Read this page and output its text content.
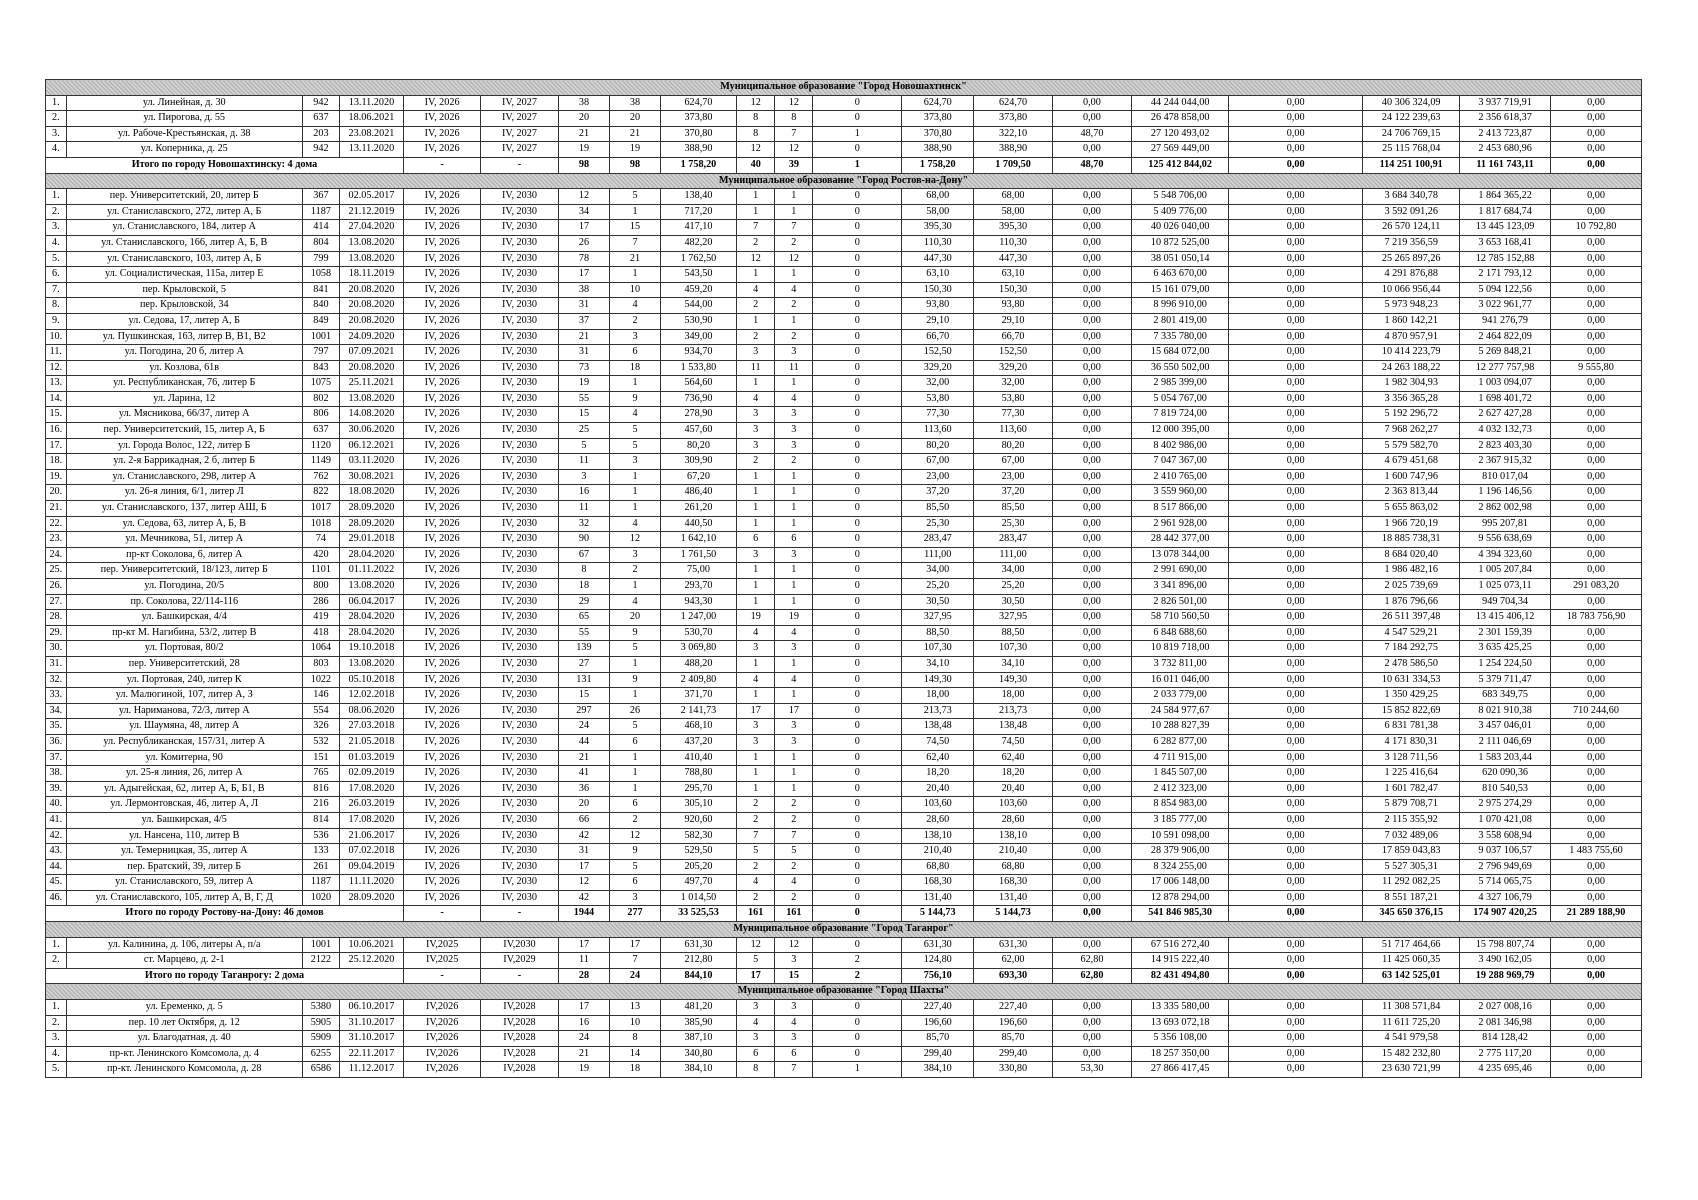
Муниципальное образование "Город Новошахтинск"																			
1.	ул. Линейная, д. 30	942	13.11.2020	IV, 2026	IV, 2027	38	38	624,70	12	12	0	624,70	624,70	0,00	44 244 044,00	0,00	40 306 324,09	3 937 719,91	0,00
2.	ул. Пирогова, д. 55	637	18.06.2021	IV, 2026	IV, 2027	20	20	373,80	8	8	0	373,80	373,80	0,00	26 478 858,00	0,00	24 122 239,63	2 356 618,37	0,00
3.	ул. Рабоче-Крестьянская, д. 38	203	23.08.2021	IV, 2026	IV, 2027	21	21	370,80	8	7	1	370,80	322,10	48,70	27 120 493,02	0,00	24 706 769,15	2 413 723,87	0,00
4.	ул. Коперника, д. 25	942	13.11.2020	IV, 2026	IV, 2027	19	19	388,90	12	12	0	388,90	388,90	0,00	27 569 449,00	0,00	25 115 768,04	2 453 680,96	0,00
Итого по городу Новошахтинску: 4 дома				-	-	98	98	1 758,20	40	39	1	1 758,20	1 709,50	48,70	125 412 844,02	0,00	114 251 100,91	11 161 743,11	0,00
Муниципальное образование "Город Ростов-на-Дону"																			
1.	пер. Университетский, 20, литер Б	367	02.05.2017	IV, 2026	IV, 2030	12	5	138,40	1	1	0	68,00	68,00	0,00	5 548 706,00	0,00	3 684 340,78	1 864 365,22	0,00
2.	ул. Станиславского, 272, литер А, Б	1187	21.12.2019	IV, 2026	IV, 2030	34	1	717,20	1	1	0	58,00	58,00	0,00	5 409 776,00	0,00	3 592 091,26	1 817 684,74	0,00
3.	ул. Станиславского, 184, литер А	414	27.04.2020	IV, 2026	IV, 2030	17	15	417,10	7	7	0	395,30	395,30	0,00	40 026 040,00	0,00	26 570 124,11	13 445 123,09	10 792,80
4.	ул. Станиславского, 166, литер А, Б, В	804	13.08.2020	IV, 2026	IV, 2030	26	7	482,20	2	2	0	110,30	110,30	0,00	10 872 525,00	0,00	7 219 356,59	3 653 168,41	0,00
5.	ул. Станиславского, 103, литер А, Б	799	13.08.2020	IV, 2026	IV, 2030	78	21	1 762,50	12	12	0	447,30	447,30	0,00	38 051 050,14	0,00	25 265 897,26	12 785 152,88	0,00
6.	ул. Социалистическая, 115а, литер Е	1058	18.11.2019	IV, 2026	IV, 2030	17	1	543,50	1	1	0	63,10	63,10	0,00	6 463 670,00	0,00	4 291 876,88	2 171 793,12	0,00
7.	пер. Крыловской, 5	841	20.08.2020	IV, 2026	IV, 2030	38	10	459,20	4	4	0	150,30	150,30	0,00	15 161 079,00	0,00	10 066 956,44	5 094 122,56	0,00
8.	пер. Крыловской, 34	840	20.08.2020	IV, 2026	IV, 2030	31	4	544,00	2	2	0	93,80	93,80	0,00	8 996 910,00	0,00	5 973 948,23	3 022 961,77	0,00
9.	ул. Седова, 17, литер А, Б	849	20.08.2020	IV, 2026	IV, 2030	37	2	530,90	1	1	0	29,10	29,10	0,00	2 801 419,00	0,00	1 860 142,21	941 276,79	0,00
10.	ул. Пушкинская, 163, литер В, В1, В2	1001	24.09.2020	IV, 2026	IV, 2030	21	3	349,00	2	2	0	66,70	66,70	0,00	7 335 780,00	0,00	4 870 957,91	2 464 822,09	0,00
11.	ул. Погодина, 20 б, литер А	797	07.09.2021	IV, 2026	IV, 2030	31	6	934,70	3	3	0	152,50	152,50	0,00	15 684 072,00	0,00	10 414 223,79	5 269 848,21	0,00
12.	ул. Козлова, 61в	843	20.08.2020	IV, 2026	IV, 2030	73	18	1 533,80	11	11	0	329,20	329,20	0,00	36 550 502,00	0,00	24 263 188,22	12 277 757,98	9 555,80
13.	ул. Республиканская, 76, литер Б	1075	25.11.2021	IV, 2026	IV, 2030	19	1	564,60	1	1	0	32,00	32,00	0,00	2 985 399,00	0,00	1 982 304,93	1 003 094,07	0,00
14.	ул. Ларина, 12	802	13.08.2020	IV, 2026	IV, 2030	55	9	736,90	4	4	0	53,80	53,80	0,00	5 054 767,00	0,00	3 356 365,28	1 698 401,72	0,00
15.	ул. Мясникова, 66/37, литер А	806	14.08.2020	IV, 2026	IV, 2030	15	4	278,90	3	3	0	77,30	77,30	0,00	7 819 724,00	0,00	5 192 296,72	2 627 427,28	0,00
16.	пер. Университетский, 15, литер А, Б	637	30.06.2020	IV, 2026	IV, 2030	25	5	457,60	3	3	0	113,60	113,60	0,00	12 000 395,00	0,00	7 968 262,27	4 032 132,73	0,00
17.	ул. Города Волос, 122, литер Б	1120	06.12.2021	IV, 2026	IV, 2030	5	5	80,20	3	3	0	80,20	80,20	0,00	8 402 986,00	0,00	5 579 582,70	2 823 403,30	0,00
18.	ул. 2-я Баррикадная, 2 б, литер Б	1149	03.11.2020	IV, 2026	IV, 2030	11	3	309,90	2	2	0	67,00	67,00	0,00	7 047 367,00	0,00	4 679 451,68	2 367 915,32	0,00
19.	ул. Станиславского, 298, литер А	762	30.08.2021	IV, 2026	IV, 2030	3	1	67,20	1	1	0	23,00	23,00	0,00	2 410 765,00	0,00	1 600 747,96	810 017,04	0,00
20.	ул. 26-я линия, 6/1, литер Л	822	18.08.2020	IV, 2026	IV, 2030	16	1	486,40	1	1	0	37,20	37,20	0,00	3 559 960,00	0,00	2 363 813,44	1 196 146,56	0,00
21.	ул. Станиславского, 137, литер АШ, Б	1017	28.09.2020	IV, 2026	IV, 2030	11	1	261,20	1	1	0	85,50	85,50	0,00	8 517 866,00	0,00	5 655 863,02	2 862 002,98	0,00
22.	ул. Седова, 63, литер А, Б, В	1018	28.09.2020	IV, 2026	IV, 2030	32	4	440,50	1	1	0	25,30	25,30	0,00	2 961 928,00	0,00	1 966 720,19	995 207,81	0,00
23.	ул. Мечникова, 51, литер А	74	29.01.2018	IV, 2026	IV, 2030	90	12	1 642,10	6	6	0	283,47	283,47	0,00	28 442 377,00	0,00	18 885 738,31	9 556 638,69	0,00
24.	пр-кт Соколова, 6, литер А	420	28.04.2020	IV, 2026	IV, 2030	67	3	1 761,50	3	3	0	111,00	111,00	0,00	13 078 344,00	0,00	8 684 020,40	4 394 323,60	0,00
25.	пер. Университетский, 18/123, литер Б	1101	01.11.2022	IV, 2026	IV, 2030	8	2	75,00	1	1	0	34,00	34,00	0,00	2 991 690,00	0,00	1 986 482,16	1 005 207,84	0,00
26.	ул. Погодина, 20/5	800	13.08.2020	IV, 2026	IV, 2030	18	1	293,70	1	1	0	25,20	25,20	0,00	3 341 896,00	0,00	2 025 739,69	1 025 073,11	291 083,20
27.	пр. Соколова, 22/114-116	286	06.04.2017	IV, 2026	IV, 2030	29	4	943,30	1	1	0	30,50	30,50	0,00	2 826 501,00	0,00	1 876 796,66	949 704,34	0,00
28.	ул. Башкирская, 4/4	419	28.04.2020	IV, 2026	IV, 2030	65	20	1 247,00	19	19	0	327,95	327,95	0,00	58 710 560,50	0,00	26 511 397,48	13 415 406,12	18 783 756,90
29.	пр-кт М. Нагибина, 53/2, литер В	418	28.04.2020	IV, 2026	IV, 2030	55	9	530,70	4	4	0	88,50	88,50	0,00	6 848 688,60	0,00	4 547 529,21	2 301 159,39	0,00
30.	ул. Портовая, 80/2	1064	19.10.2018	IV, 2026	IV, 2030	139	5	3 069,80	3	3	0	107,30	107,30	0,00	10 819 718,00	0,00	7 184 292,75	3 635 425,25	0,00
31.	пер. Университетский, 28	803	13.08.2020	IV, 2026	IV, 2030	27	1	488,20	1	1	0	34,10	34,10	0,00	3 732 811,00	0,00	2 478 586,50	1 254 224,50	0,00
32.	ул. Портовая, 240, литер К	1022	05.10.2018	IV, 2026	IV, 2030	131	9	2 409,80	4	4	0	149,30	149,30	0,00	16 011 046,00	0,00	10 631 334,53	5 379 711,47	0,00
33.	ул. Малюгиной, 107, литер А, З	146	12.02.2018	IV, 2026	IV, 2030	15	1	371,70	1	1	0	18,00	18,00	0,00	2 033 779,00	0,00	1 350 429,25	683 349,75	0,00
34.	ул. Нариманова, 72/3, литер А	554	08.06.2020	IV, 2026	IV, 2030	297	26	2 141,73	17	17	0	213,73	213,73	0,00	24 584 977,67	0,00	15 852 822,69	8 021 910,38	710 244,60
35.	ул. Шаумяна, 48, литер А	326	27.03.2018	IV, 2026	IV, 2030	24	5	468,10	3	3	0	138,48	138,48	0,00	10 288 827,39	0,00	6 831 781,38	3 457 046,01	0,00
36.	ул. Республиканская, 157/31, литер А	532	21.05.2018	IV, 2026	IV, 2030	44	6	437,20	3	3	0	74,50	74,50	0,00	6 282 877,00	0,00	4 171 830,31	2 111 046,69	0,00
37.	ул. Комитерна, 90	151	01.03.2019	IV, 2026	IV, 2030	21	1	410,40	1	1	0	62,40	62,40	0,00	4 711 915,00	0,00	3 128 711,56	1 583 203,44	0,00
38.	ул. 25-я линия, 26, литер А	765	02.09.2019	IV, 2026	IV, 2030	41	1	788,80	1	1	0	18,20	18,20	0,00	1 845 507,00	0,00	1 225 416,64	620 090,36	0,00
39.	ул. Адыгейская, 62, литер А, Б, Б1, В	816	17.08.2020	IV, 2026	IV, 2030	36	1	295,70	1	1	0	20,40	20,40	0,00	2 412 323,00	0,00	1 601 782,47	810 540,53	0,00
40.	ул. Лермонтовская, 46, литер А, Л	216	26.03.2019	IV, 2026	IV, 2030	20	6	305,10	2	2	0	103,60	103,60	0,00	8 854 983,00	0,00	5 879 708,71	2 975 274,29	0,00
41.	ул. Башкирская, 4/5	814	17.08.2020	IV, 2026	IV, 2030	66	2	920,60	2	2	0	28,60	28,60	0,00	3 185 777,00	0,00	2 115 355,92	1 070 421,08	0,00
42.	ул. Нансена, 110, литер В	536	21.06.2017	IV, 2026	IV, 2030	42	12	582,30	7	7	0	138,10	138,10	0,00	10 591 098,00	0,00	7 032 489,06	3 558 608,94	0,00
43.	ул. Темерницкая, 35, литер А	133	07.02.2018	IV, 2026	IV, 2030	31	9	529,50	5	5	0	210,40	210,40	0,00	28 379 906,00	0,00	17 859 043,83	9 037 106,57	1 483 755,60
44.	пер. Братский, 39, литер Б	261	09.04.2019	IV, 2026	IV, 2030	17	5	205,20	2	2	0	68,80	68,80	0,00	8 324 255,00	0,00	5 527 305,31	2 796 949,69	0,00
45.	ул. Станиславского, 59, литер А	1187	11.11.2020	IV, 2026	IV, 2030	12	6	497,70	4	4	0	168,30	168,30	0,00	17 006 148,00	0,00	11 292 082,25	5 714 065,75	0,00
46.	ул. Станиславского, 105, литер А, В, Г, Д	1020	28.09.2020	IV, 2026	IV, 2030	42	3	1 014,50	2	2	0	131,40	131,40	0,00	12 878 294,00	0,00	8 551 187,21	4 327 106,79	0,00
Итого по городу Ростову-на-Дону: 46 домов				-	-	1944	277	33 525,53	161	161	0	5 144,73	5 144,73	0,00	541 846 985,30	0,00	345 650 376,15	174 907 420,25	21 289 188,90
Муниципальное образование "Город Таганрог"																			
1.	ул. Калинина, д. 106, литеры А, п/а	1001	10.06.2021	IV,2025	IV,2030	17	17	631,30	12	12	0	631,30	631,30	0,00	67 516 272,40	0,00	51 717 464,66	15 798 807,74	0,00
2.	ст. Марцево, д. 2-1	2122	25.12.2020	IV,2025	IV,2029	11	7	212,80	5	3	2	124,80	62,00	62,80	14 915 222,40	0,00	11 425 060,35	3 490 162,05	0,00
Итого по городу Таганрогу: 2 дома				-	-	28	24	844,10	17	15	2	756,10	693,30	62,80	82 431 494,80	0,00	63 142 525,01	19 288 969,79	0,00
Муниципальное образование "Город Шахты"																			
1.	ул. Еременко, д. 5	5380	06.10.2017	IV,2026	IV,2028	17	13	481,20	3	3	0	227,40	227,40	0,00	13 335 580,00	0,00	11 308 571,84	2 027 008,16	0,00
2.	пер. 10 лет Октября, д. 12	5905	31.10.2017	IV,2026	IV,2028	16	10	385,90	4	4	0	196,60	196,60	0,00	13 693 072,18	0,00	11 611 725,20	2 081 346,98	0,00
3.	ул. Благодатная, д. 40	5909	31.10.2017	IV,2026	IV,2028	24	8	387,10	3	3	0	85,70	85,70	0,00	5 356 108,00	0,00	4 541 979,58	814 128,42	0,00
4.	пр-кт. Ленинского Комсомола, д. 4	6255	22.11.2017	IV,2026	IV,2028	21	14	340,80	6	6	0	299,40	299,40	0,00	18 257 350,00	0,00	15 482 232,80	2 775 117,20	0,00
5.	пр-кт. Ленинского Комсомола, д. 28	6586	11.12.2017	IV,2026	IV,2028	19	18	384,10	8	7	1	384,10	330,80	53,30	27 866 417,45	0,00	23 630 721,99	4 235 695,46	0,00
